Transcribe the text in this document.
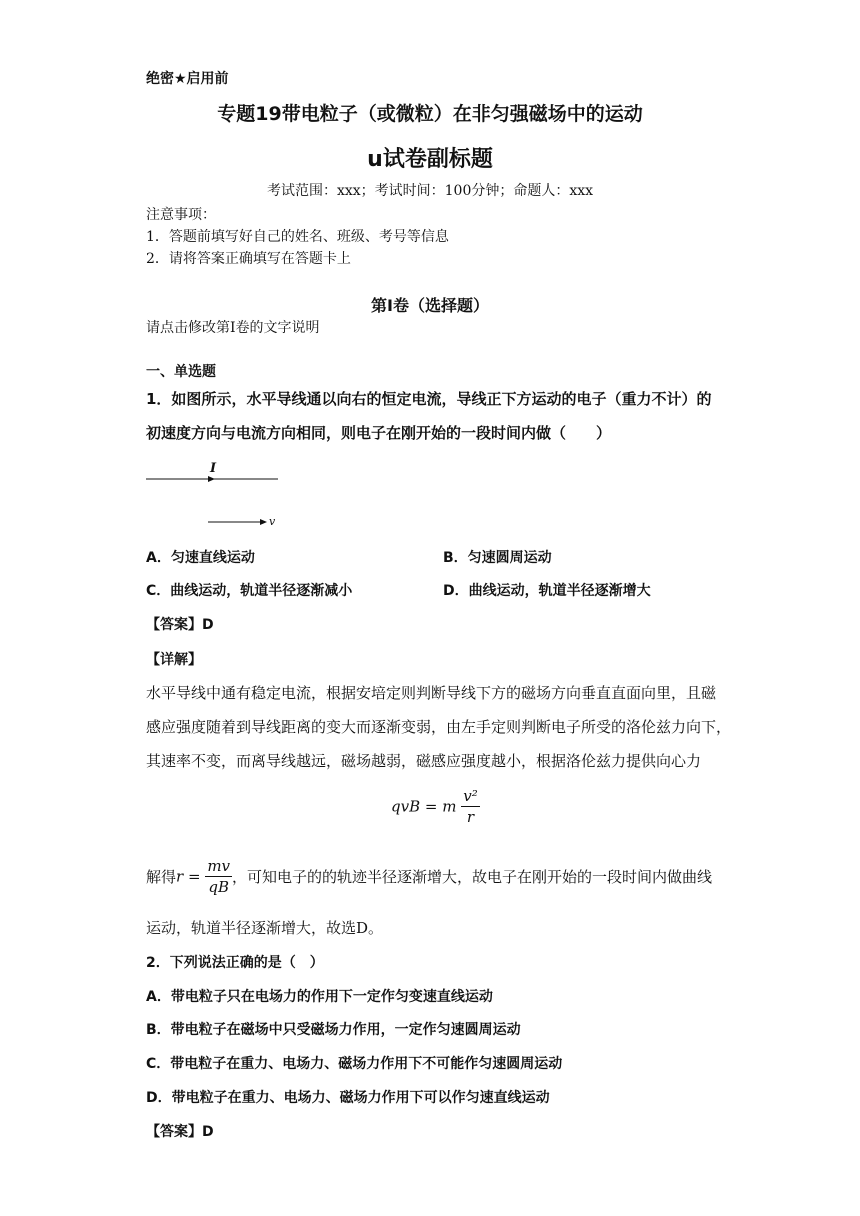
绝密★启用前
专题19带电粒子（或微粒）在非匀强磁场中的运动
u试卷副标题
考试范围：xxx；考试时间：100分钟；命题人：xxx
注意事项：
1．答题前填写好自己的姓名、班级、考号等信息
2．请将答案正确填写在答题卡上
第I卷（选择题）
请点击修改第I卷的文字说明
一、单选题
1．如图所示，水平导线通以向右的恒定电流，导线正下方运动的电子（重力不计）的
初速度方向与电流方向相同，则电子在刚开始的一段时间内做（　　）
I
v
A．匀速直线运动	B．匀速圆周运动
C．曲线运动，轨道半径逐渐减小	D．曲线运动，轨道半径逐渐增大
【答案】D
【详解】
水平导线中通有稳定电流，根据安培定则判断导线下方的磁场方向垂直直面向里，且磁
感应强度随着到导线距离的变大而逐渐变弱，由左手定则判断电子所受的洛伦兹力向下，
其速率不变，而离导线越远，磁场越弱，磁感应强度越小，根据洛伦兹力提供向心力
qvB = m $\frac{\text{v²}}{r}$
解得$r = \frac{mv}{qB}$ ，可知电子的的轨迹半径逐渐增大，故电子在刚开始的一段时间内做曲线
运动，轨道半径逐渐增大，故选D。
2．下列说法正确的是（　）
A．带电粒子只在电场力的作用下一定作匀变速直线运动
B．带电粒子在磁场中只受磁场力作用，一定作匀速圆周运动
C．带电粒子在重力、电场力、磁场力作用下不可能作匀速圆周运动
D．带电粒子在重力、电场力、磁场力作用下可以作匀速直线运动
【答案】D
